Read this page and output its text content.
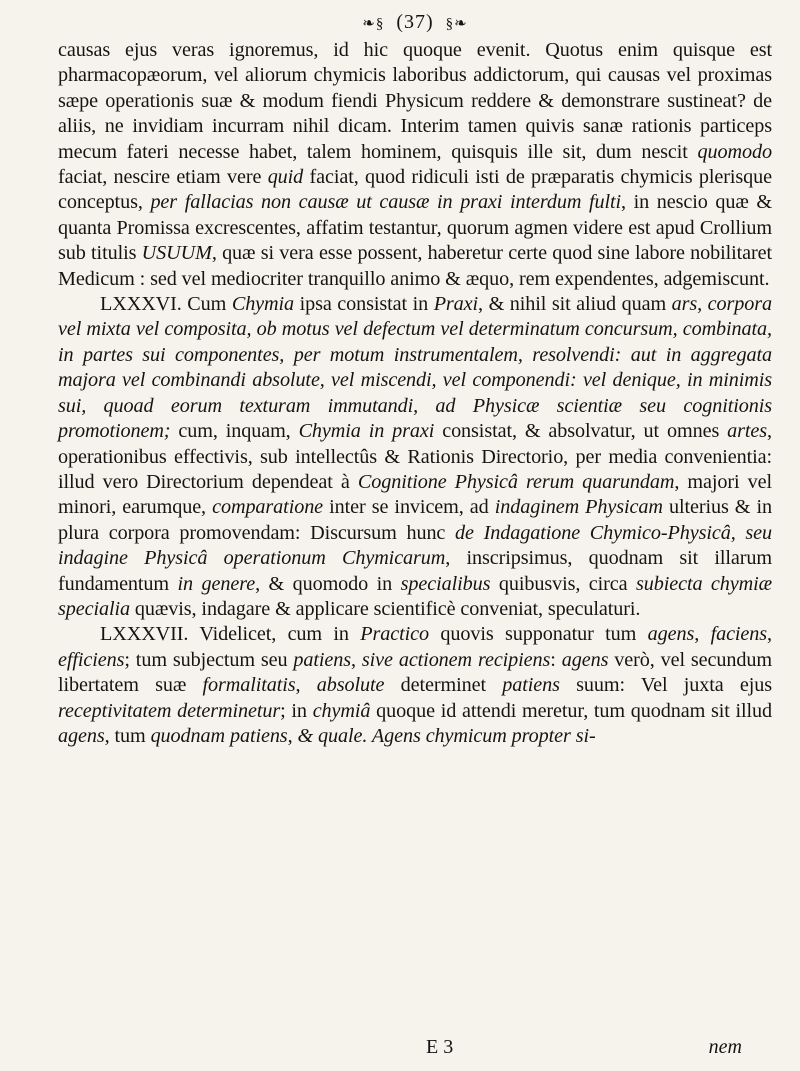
❧§ (37) §❧

causas ejus veras ignoremus, id hic quoque evenit. Quotus enim quisque est pharmacopæorum, vel aliorum chymicis laboribus addictorum, qui causas vel proximas sæpe operationis suæ & modum fiendi Physicum reddere & demonstrare sustineat? de aliis, ne invidiam incurram nihil dicam. Interim tamen quivis sanæ rationis particeps mecum fateri necesse habet, talem hominem, quisquis ille sit, dum nescit quomodo faciat, nescire etiam vere quid faciat, quod ridiculi isti de præparatis chymicis plerisque conceptus, per fallacias non causæ ut causæ in praxi interdum fulti, in nescio quæ & quanta Promissa excrescentes, affatim testantur, quorum agmen videre est apud Crollium sub titulis USUUM, quæ si vera esse possent, haberetur certe quod sine labore nobilitaret Medicum : sed vel mediocriter tranquillo animo & æquo, rem expendentes, adgemiscunt.

LXXXVI. Cum Chymia ipsa consistat in Praxi, & nihil sit aliud quam ars, corpora vel mixta vel composita, ob motus vel defectum vel determinatum concursum, combinata, in partes sui componentes, per motum instrumentalem, resolvendi: aut in aggregata majora vel combinandi absolute, vel miscendi, vel componendi: vel denique, in minimis sui, quoad eorum texturam immutandi, ad Physicæ scientiæ seu cognitionis promotionem; cum, inquam, Chymia in praxi consistat, & absolvatur, ut omnes artes, operationibus effectivis, sub intellectûs & Rationis Directorio, per media convenientia: illud vero Directorium dependeat à Cognitione Physicâ rerum quarundam, majori vel minori, earumque, comparatione inter se invicem, ad indaginem Physicam ulterius & in plura corpora promovendam: Discursum hunc de Indagatione Chymico-Physicâ, seu indagine Physicâ operationum Chymicarum, inscripsimus, quodnam sit illarum fundamentum in genere, & quomodo in specialibus quibusvis, circa subiecta chymiæ specialia quævis, indagare & applicare scientificè conveniat, speculaturi.

LXXXVII. Videlicet, cum in Practico quovis supponatur tum agens, faciens, efficiens; tum subjectum seu patiens, sive actionem recipiens: agens verò, vel secundum libertatem suæ formalitatis, absolute determinet patiens suum: Vel juxta ejus receptivitatem determinetur; in chymiâ quoque id attendi meretur, tum quodnam sit illud agens, tum quodnam patiens, & quale. Agens chymicum propter si-

E 3	nem
